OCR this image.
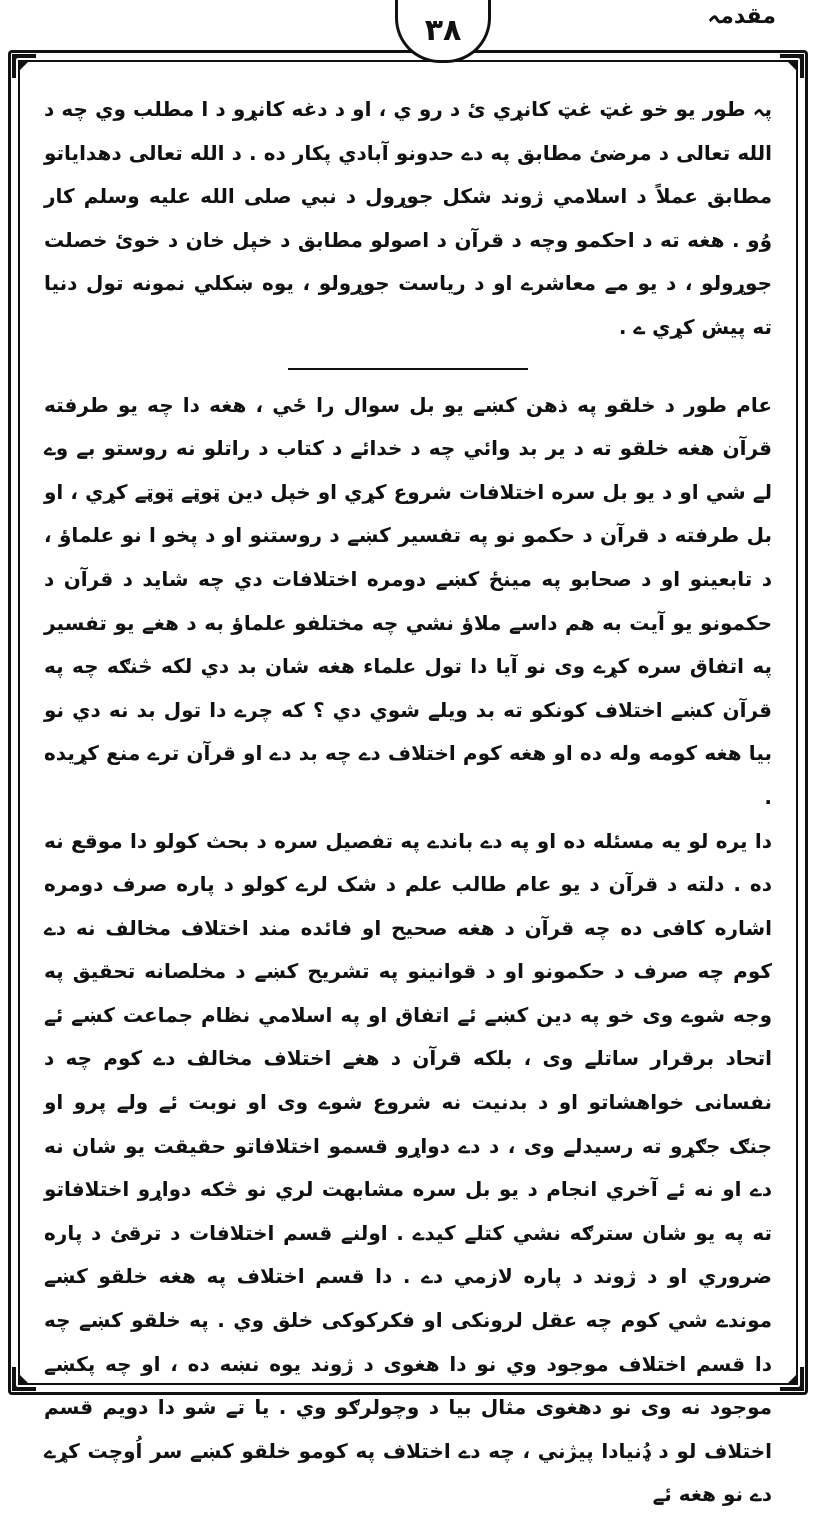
مقدمہ
۳۸

پہ طور یو خو غټ غټ کانړي ئ د رو ي ، او د دغه کانړو د ا مطلب وي چه د الله تعالی د مرضئ مطابق په دے حدونو آبادي پکار ده . د الله تعالی دهدایاتو مطابق عملاً د اسلامي ژوند شکل جوړول د نبي صلی الله علیه وسلم کار وُو . هغه ته د احکمو وچه د قرآن د اصولو مطابق د خپل خان د خوئ خصلت جوړولو ، د یو مے معاشرے او د ریاست جوړولو ، یوه ښکلي نمونه تول دنیا ته پیش کړي ے .

عام طور د خلقو په ذهن کښے یو بل سوال را ځي ، هغه دا چه یو طرفته قرآن هغه خلقو ته د یر بد وائي چه د خدائے د کتاب د راتلو نه روستو بے وے لے شي او د یو بل سره اختلافات شروع کړي او خپل دین ټوټے ټوټے کړي ، او بل طرفته د قرآن د حکمو نو په تفسیر کښے د روستنو او د پخو ا نو علماؤ ، د تابعینو او د صحابو په مینځ کښے دومره اختلافات دي چه شاید د قرآن د حکمونو یو آیت به هم داسے ملاؤ نشي چه مختلفو علماؤ به د هغے یو تفسیر په اتفاق سره کړے وی نو آیا دا تول علماء هغه شان بد دي لکه څنګه چه په قرآن کښے اختلاف کونکو ته بد ویلے شوي دي ؟ که چرے دا تول بد نه دي نو بیا هغه کومه وله ده او هغه کوم اختلاف دے چه بد دے او قرآن ترے منع کړیده .

دا یره لو یه مسئله ده او په دے باندے په تفصیل سره د بحث کولو دا موقع نه ده . دلته د قرآن د یو عام طالب علم د شک لرے کولو د پاره صرف دومره اشاره کافی ده چه قرآن د هغه صحیح او فائده مند اختلاف مخالف نه دے کوم چه صرف د حکمونو او د قوانینو په تشریح کښے د مخلصانه تحقیق په وجه شوے وی خو په دین کښے ئے اتفاق او په اسلامي نظام جماعت کښے ئے اتحاد برقرار ساتلے وی ، بلکه قرآن د هغے اختلاف مخالف دے کوم چه د نفسانی خواهشاتو او د بدنیت نه شروع شوے وی او نوبت ئے ولے پرو او جنګ جګړو ته رسیدلے وی ، د دے دواړو قسمو اختلافاتو حقیقت یو شان نه دے او نه ئے آخري انجام د یو بل سره مشابهت لري نو څکه دواړو اختلافاتو ته په یو شان سترګه نشي کتلے کیدے . اولنے قسم اختلافات د ترقئ د پاره ضروري او د ژوند د پاره لازمي دے . دا قسم اختلاف په هغه خلقو کښے موندے شي کوم چه عقل لرونکی او فکرکوکی خلق وي . په خلقو کښے چه دا قسم اختلاف موجود وي نو دا هغوی د ژوند یوه نښه ده ، او چه پکښے موجود نه وی نو دهغوی مثال بیا د وچولرګو وي . یا تے شو دا دویم قسم اختلاف لو د ډُنیادا پیژني ، چه دے اختلاف په کومو خلقو کښے سر اُوچت کړے دے نو هغه ئے
